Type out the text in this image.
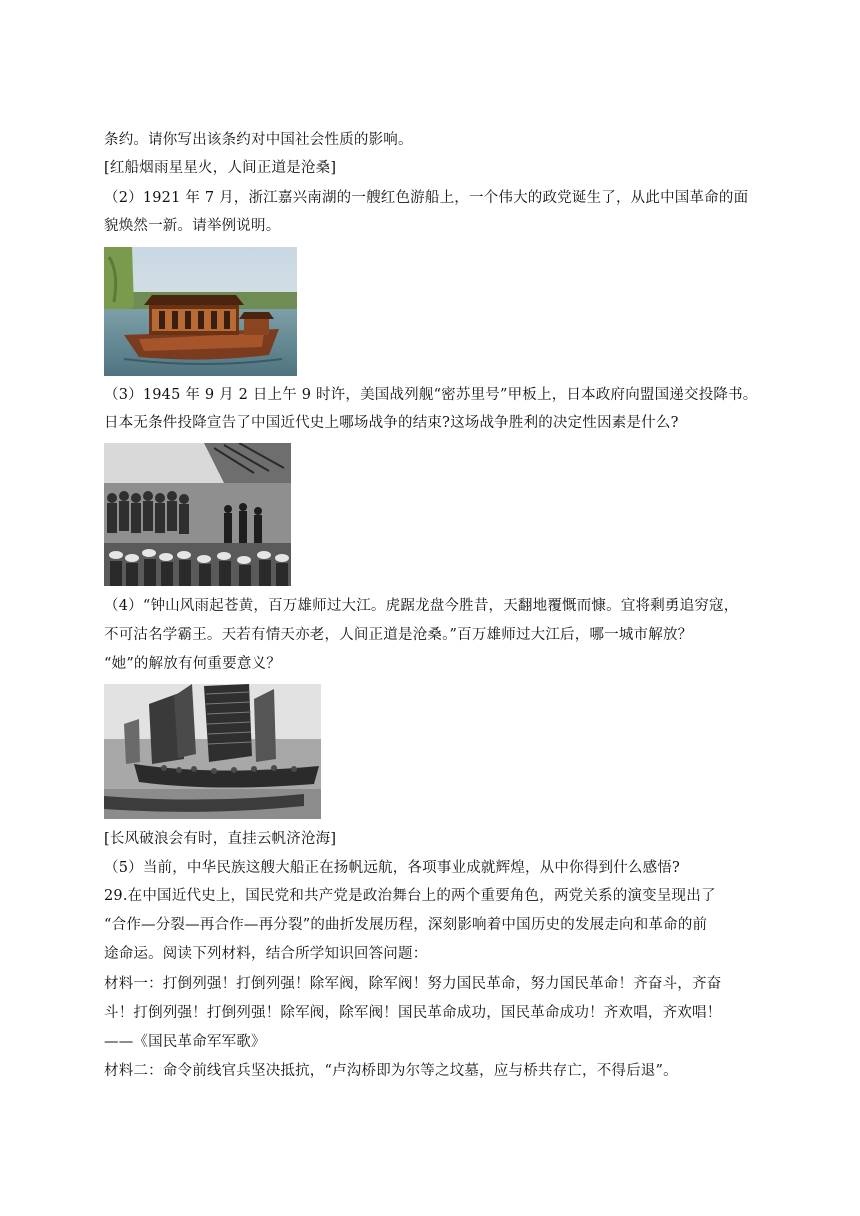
条约。请你写出该条约对中国社会性质的影响。
[红船烟雨星星火，人间正道是沧桑]
（2）1921 年 7 月，浙江嘉兴南湖的一艘红色游船上，一个伟大的政党诞生了，从此中国革命的面
貌焕然一新。请举例说明。
（3）1945 年 9 月 2 日上午 9 时许，美国战列舰“密苏里号”甲板上，日本政府向盟国递交投降书。
日本无条件投降宣告了中国近代史上哪场战争的结束?这场战争胜利的决定性因素是什么?
（4）“钟山风雨起苍黄，百万雄师过大江。虎踞龙盘今胜昔，天翻地覆慨而慷。宜将剩勇追穷寇，
不可沽名学霸王。天若有情天亦老，人间正道是沧桑。”百万雄师过大江后，哪一城市解放？
“她”的解放有何重要意义？
[长风破浪会有时，直挂云帆济沧海]
（5）当前，中华民族这艘大船正在扬帆远航，各项事业成就辉煌，从中你得到什么感悟?
29.在中国近代史上，国民党和共产党是政治舞台上的两个重要角色，两党关系的演变呈现出了
“合作—分裂—再合作—再分裂”的曲折发展历程，深刻影响着中国历史的发展走向和革命的前
途命运。阅读下列材料，结合所学知识回答问题：
材料一：打倒列强！打倒列强！除军阀，除军阀！努力国民革命，努力国民革命！齐奋斗，齐奋
斗！打倒列强！打倒列强！除军阀，除军阀！国民革命成功，国民革命成功！齐欢唱，齐欢唱！
——《国民革命军军歌》
材料二：命令前线官兵坚决抵抗，“卢沟桥即为尔等之坟墓，应与桥共存亡，不得后退”。
